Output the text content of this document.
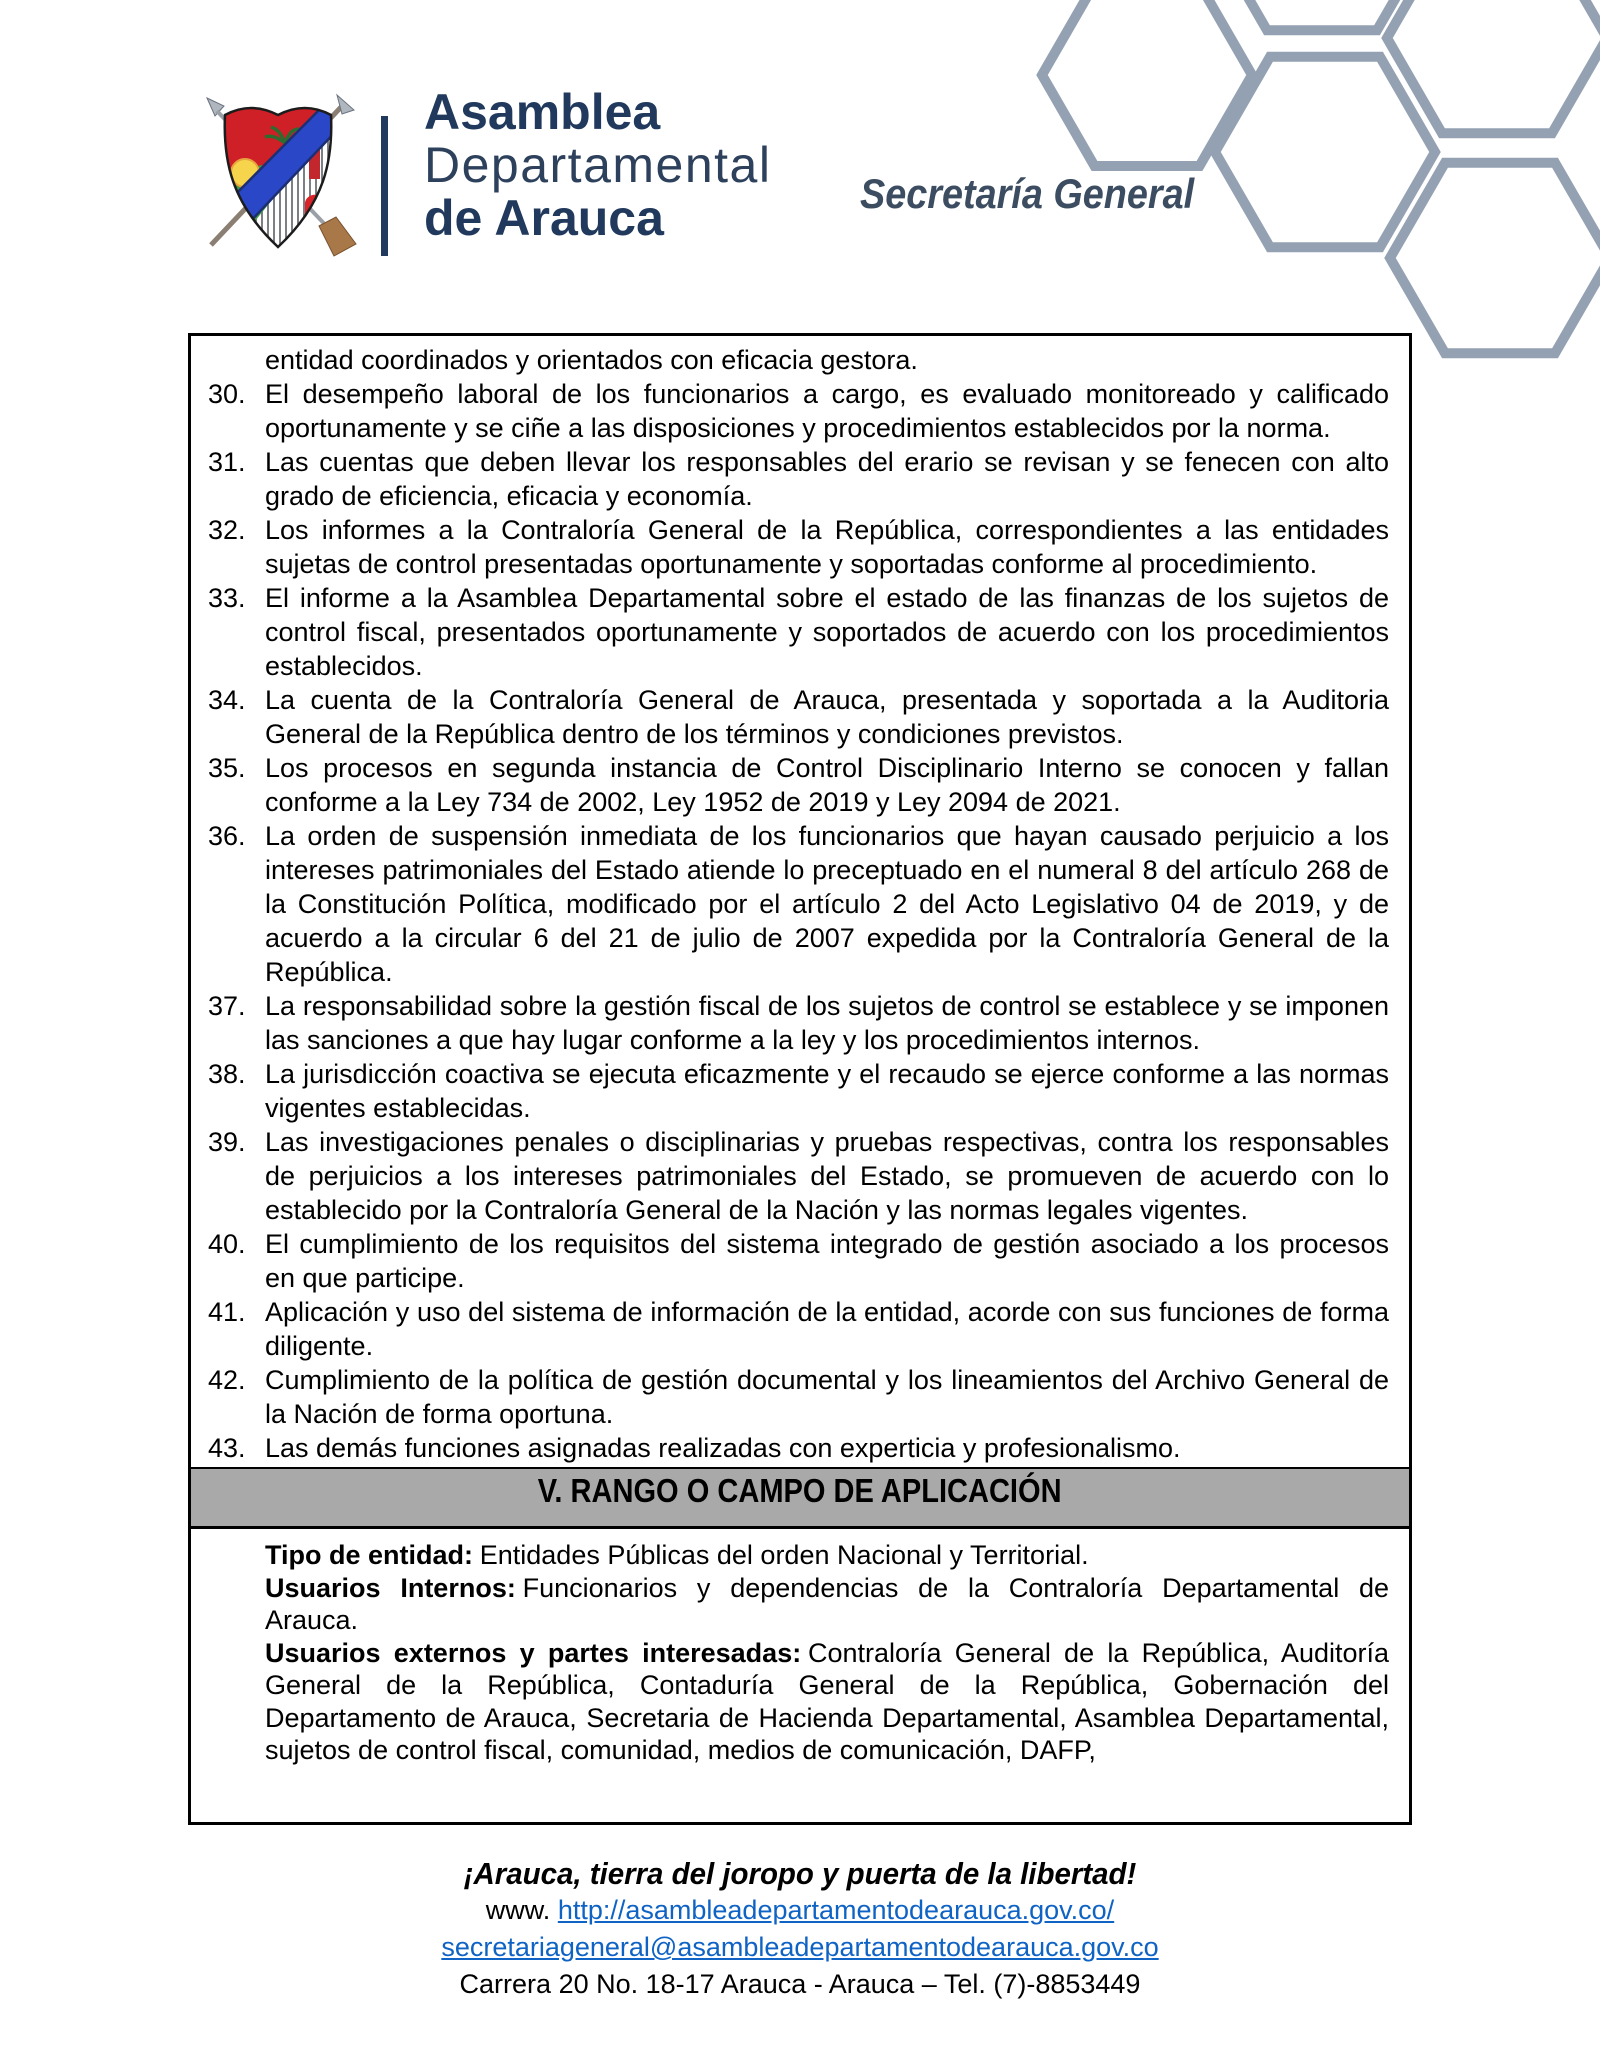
Asamblea
Departamental
de Arauca	Secretaría General
entidad coordinados y orientados con eficacia gestora.
30. El desempeño laboral de los funcionarios a cargo, es evaluado monitoreado y calificado oportunamente y se ciñe a las disposiciones y procedimientos establecidos por la norma.
31. Las cuentas que deben llevar los responsables del erario se revisan y se fenecen con alto grado de eficiencia, eficacia y economía.
32. Los informes a la Contraloría General de la República, correspondientes a las entidades sujetas de control presentadas oportunamente y soportadas conforme al procedimiento.
33. El informe a la Asamblea Departamental sobre el estado de las finanzas de los sujetos de control fiscal, presentados oportunamente y soportados de acuerdo con los procedimientos establecidos.
34. La cuenta de la Contraloría General de Arauca, presentada y soportada a la Auditoria General de la República dentro de los términos y condiciones previstos.
35. Los procesos en segunda instancia de Control Disciplinario Interno se conocen y fallan conforme a la Ley 734 de 2002, Ley 1952 de 2019 y Ley 2094 de 2021.
36. La orden de suspensión inmediata de los funcionarios que hayan causado perjuicio a los intereses patrimoniales del Estado atiende lo preceptuado en el numeral 8 del artículo 268 de la Constitución Política, modificado por el artículo 2 del Acto Legislativo 04 de 2019, y de acuerdo a la circular 6 del 21 de julio de 2007 expedida por la Contraloría General de la República.
37. La responsabilidad sobre la gestión fiscal de los sujetos de control se establece y se imponen las sanciones a que hay lugar conforme a la ley y los procedimientos internos.
38. La jurisdicción coactiva se ejecuta eficazmente y el recaudo se ejerce conforme a las normas vigentes establecidas.
39. Las investigaciones penales o disciplinarias y pruebas respectivas, contra los responsables de perjuicios a los intereses patrimoniales del Estado, se promueven de acuerdo con lo establecido por la Contraloría General de la Nación y las normas legales vigentes.
40. El cumplimiento de los requisitos del sistema integrado de gestión asociado a los procesos en que participe.
41. Aplicación y uso del sistema de información de la entidad, acorde con sus funciones de forma diligente.
42. Cumplimiento de la política de gestión documental y los lineamientos del Archivo General de la Nación de forma oportuna.
43. Las demás funciones asignadas realizadas con experticia y profesionalismo.
V. RANGO O CAMPO DE APLICACIÓN

Tipo de entidad: Entidades Públicas del orden Nacional y Territorial.

Usuarios Internos: Funcionarios y dependencias de la Contraloría Departamental de Arauca.

Usuarios externos y partes interesadas: Contraloría General de la República, Auditoría General de la República, Contaduría General de la República, Gobernación del Departamento de Arauca, Secretaria de Hacienda Departamental, Asamblea Departamental, sujetos de control fiscal, comunidad, medios de comunicación, DAFP,

¡Arauca, tierra del joropo y puerta de la libertad!
www. http://asambleadepartamentodearauca.gov.co/
secretariageneral@asambleadepartamentodearauca.gov.co
Carrera 20 No. 18-17 Arauca - Arauca – Tel. (7)-8853449
